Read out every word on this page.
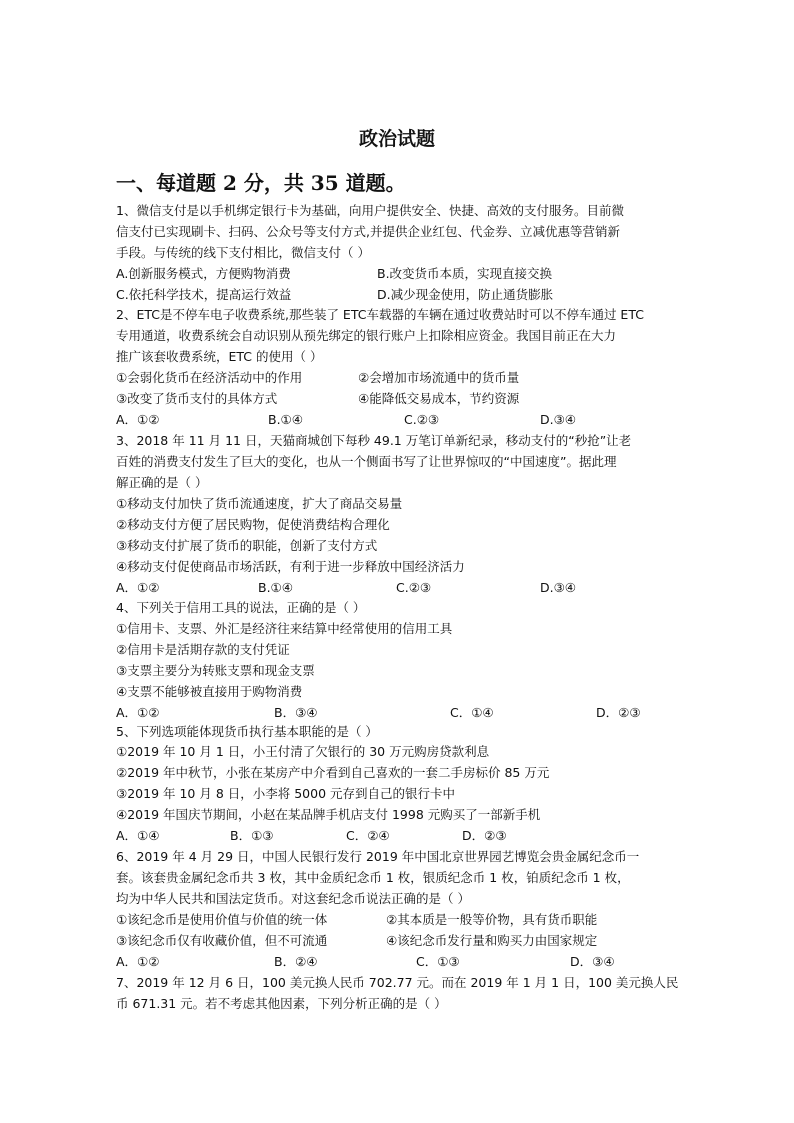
政治试题
一、每道题 2 分，共 35 道题。
1、微信支付是以手机绑定银行卡为基础，向用户提供安全、快捷、高效的支付服务。目前微
信支付已实现刷卡、扫码、公众号等支付方式,并提供企业红包、代金券、立减优惠等营销新
手段。与传统的线下支付相比，微信支付（ ）
A.创新服务模式，方便购物消费	B.改变货币本质，实现直接交换
C.依托科学技术，提高运行效益	D.减少现金使用，防止通货膨胀
2、ETC是不停车电子收费系统,那些装了 ETC车载器的车辆在通过收费站时可以不停车通过 ETC
专用通道，收费系统会自动识别从预先绑定的银行账户上扣除相应资金。我国目前正在大力
推广该套收费系统，ETC 的使用（ ）
①会弱化货币在经济活动中的作用	②会增加市场流通中的货币量
③改变了货币支付的具体方式	④能降低交易成本，节约资源
A．①②	B.①④	C.②③	D.③④
3、2018 年 11 月 11 日，天猫商城创下每秒 49.1 万笔订单新纪录，移动支付的“秒抢”让老
百姓的消费支付发生了巨大的变化，也从一个侧面书写了让世界惊叹的“中国速度”。据此理
解正确的是（ ）
①移动支付加快了货币流通速度，扩大了商品交易量
②移动支付方便了居民购物，促使消费结构合理化
③移动支付扩展了货币的职能，创新了支付方式
④移动支付促使商品市场活跃，有利于进一步释放中国经济活力
A．①②	B.①④	C.②③	D.③④
4、下列关于信用工具的说法，正确的是（ ）
①信用卡、支票、外汇是经济往来结算中经常使用的信用工具
②信用卡是活期存款的支付凭证
③支票主要分为转账支票和现金支票
④支票不能够被直接用于购物消费
A．①②	B．③④	C．①④	D．②③
5、下列选项能体现货币执行基本职能的是（ ）
①2019 年 10 月 1 日，小王付清了欠银行的 30 万元购房贷款利息
②2019 年中秋节，小张在某房产中介看到自己喜欢的一套二手房标价 85 万元
③2019 年 10 月 8 日，小李将 5000 元存到自己的银行卡中
④2019 年国庆节期间，小赵在某品牌手机店支付 1998 元购买了一部新手机
A．①④	B．①③	C．②④	D．②③
6、2019 年 4 月 29 日，中国人民银行发行 2019 年中国北京世界园艺博览会贵金属纪念币一
套。该套贵金属纪念币共 3 枚，其中金质纪念币 1 枚，银质纪念币 1 枚，铂质纪念币 1 枚，
均为中华人民共和国法定货币。对这套纪念币说法正确的是（ ）
①该纪念币是使用价值与价值的统一体	②其本质是一般等价物，具有货币职能
③该纪念币仅有收藏价值，但不可流通	④该纪念币发行量和购买力由国家规定
A．①②	B．②④	C．①③	D．③④
7、2019 年 12 月 6 日，100 美元换人民币 702.77 元。而在 2019 年 1 月 1 日，100 美元换人民
币 671.31 元。若不考虑其他因素，下列分析正确的是（ ）
